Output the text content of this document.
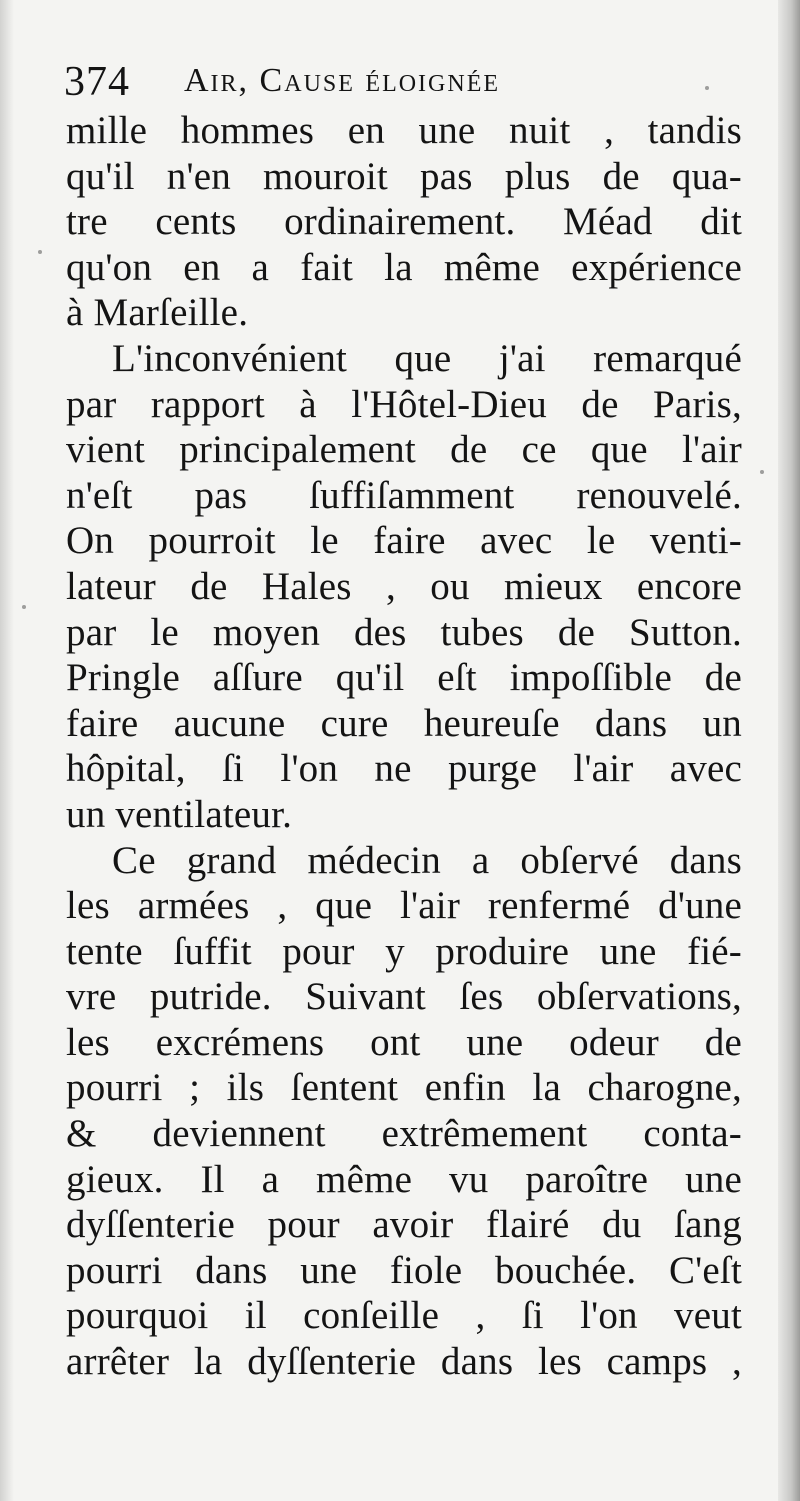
374 Air, Cause éloignée
mille hommes en une nuit , tandis
qu'il n'en mouroit pas plus de qua-
tre cents ordinairement. Méad dit
qu'on en a fait la même expérience
à Marſeille.
L'inconvénient que j'ai remarqué
par rapport à l'Hôtel-Dieu de Paris,
vient principalement de ce que l'air
n'eſt pas ſuffiſamment renouvelé.
On pourroit le faire avec le venti-
lateur de Hales , ou mieux encore
par le moyen des tubes de Sutton.
Pringle aſſure qu'il eſt impoſſible de
faire aucune cure heureuſe dans un
hôpital, ſi l'on ne purge l'air avec
un ventilateur.
Ce grand médecin a obſervé dans
les armées , que l'air renfermé d'une
tente ſuffit pour y produire une fié-
vre putride. Suivant ſes obſervations,
les excrémens ont une odeur de
pourri ; ils ſentent enfin la charogne,
& deviennent extrêmement conta-
gieux. Il a même vu paroître une
dyſſenterie pour avoir flairé du ſang
pourri dans une fiole bouchée. C'eſt
pourquoi il conſeille , ſi l'on veut
arrêter la dyſſenterie dans les camps ,
